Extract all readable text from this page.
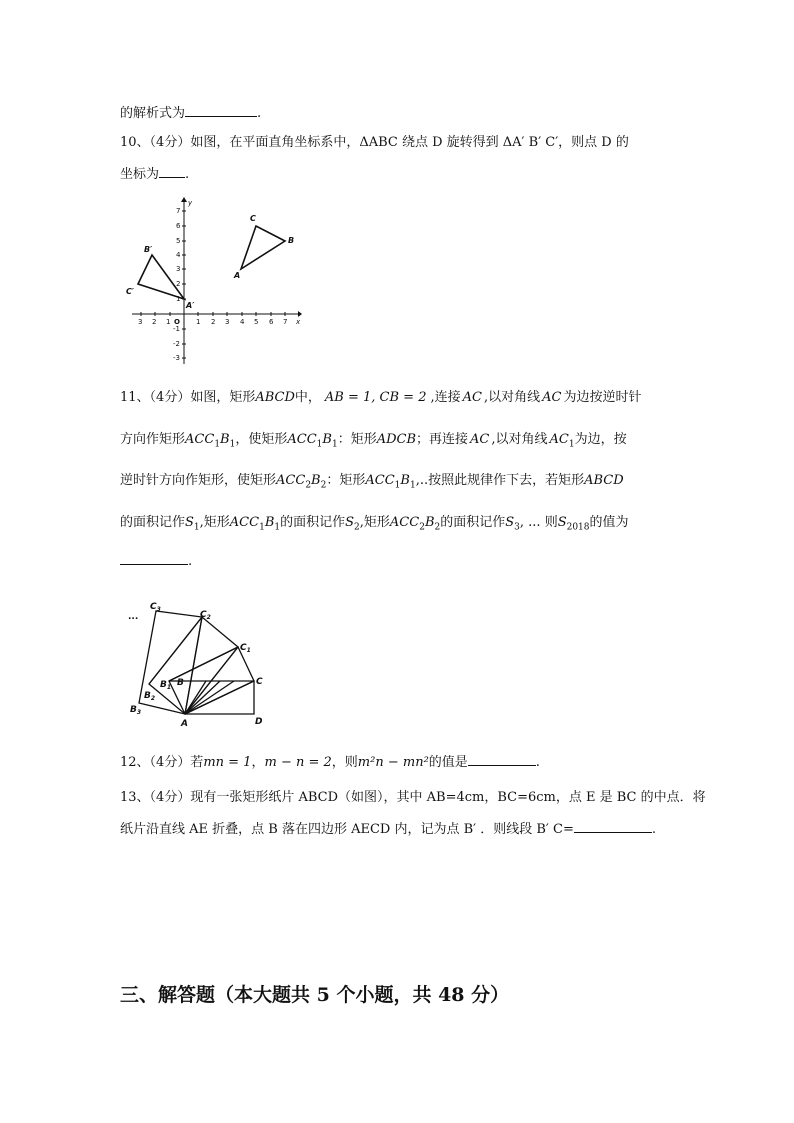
的解析式为	.
10、（4分）如图，在平面直角坐标系中，ΔABC 绕点 D 旋转得到 ΔA′ B′ C′，则点 D 的
坐标为 .
x
y
3 2 1 O 1 2 3 4 5 6 7
7
6
5
4
3
2
1
-1
-2
-3
A
B
C
A′
B′
C′
11、（4分）如图，矩形ABCD中， AB = 1, CB = 2 ,连接 AC ,以对角线 AC 为边按逆时针
方向作矩形$ACC_1B_1$，使矩形$ACC_1B_1$：矩形ADCB；再连接 AC ,以对角线 $AC_1$为边，按
逆时针方向作矩形，使矩形$ACC_2B_2$：矩形$ACC_1B_1$,..按照此规律作下去，若矩形ABCD
的面积记作$S_1$,矩形$ACC_1B_1$的面积记作$S_2$,矩形$ACC_2B_2$的面积记作$S_3$, ... 则$S_{2018}$的值为
.
...
$C_3$
$C_2$
$C_1$
C
$B_1$ B
$B_2$
$B_3$
A	D
12、（4分）若mn = 1，m − n = 2，则m²n − mn²的值是	.
13、（4分）现有一张矩形纸片 ABCD（如图），其中 AB=4cm，BC=6cm，点 E 是 BC 的中点．将
纸片沿直线 AE 折叠，点 B 落在四边形 AECD 内，记为点 B′ ．则线段 B′ C=	.
三、解答题（本大题共 5 个小题，共 48 分）
